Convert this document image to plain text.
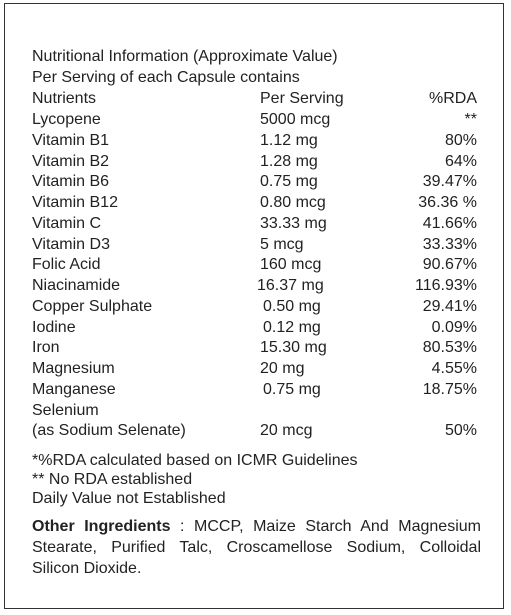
Nutritional Information (Approximate Value)
Per Serving of each Capsule contains
Nutrients	Per Serving	%RDA
Lycopene	5000 mcg	**
Vitamin B1	1.12 mg	80%
Vitamin B2	1.28 mg	64%
Vitamin B6	0.75 mg	39.47%
Vitamin B12	0.80 mcg	36.36 %
Vitamin C	33.33 mg	41.66%
Vitamin D3	5 mcg	33.33%
Folic Acid	160 mcg	90.67%
Niacinamide	16.37 mg	116.93%
Copper Sulphate	0.50 mg	29.41%
Iodine	0.12 mg	0.09%
Iron	15.30 mg	80.53%
Magnesium	20 mg	4.55%
Manganese	0.75 mg	18.75%
Selenium
(as Sodium Selenate)	20 mcg	50%
*%RDA calculated based on ICMR Guidelines
** No RDA established
Daily Value not Established
Other Ingredients : MCCP, Maize Starch And Magnesium Stearate, Purified Talc, Croscamellose Sodium, Colloidal Silicon Dioxide.
